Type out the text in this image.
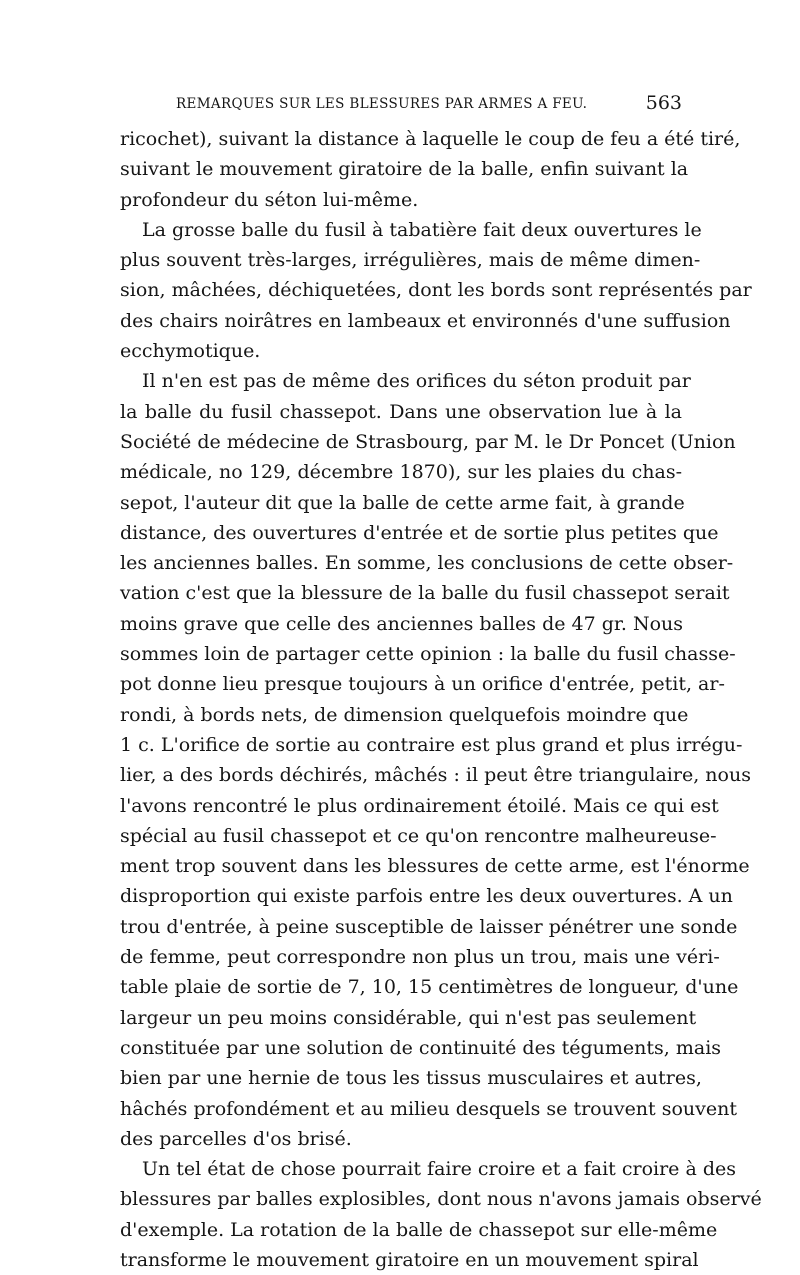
REMARQUES SUR LES BLESSURES PAR ARMES A FEU.	563
ricochet), suivant la distance à laquelle le coup de feu a été tiré,
suivant le mouvement giratoire de la balle, enfin suivant la
profondeur du séton lui-même.
La grosse balle du fusil à tabatière fait deux ouvertures le
plus souvent très-larges, irrégulières, mais de même dimen-
sion, mâchées, déchiquetées, dont les bords sont représentés par
des chairs noirâtres en lambeaux et environnés d'une suffusion
ecchymotique.
Il n'en est pas de même des orifices du séton produit par
la balle du fusil chassepot. Dans une observation lue à la
Société de médecine de Strasbourg, par M. le Dr Poncet (Union
médicale, no 129, décembre 1870), sur les plaies du chas-
sepot, l'auteur dit que la balle de cette arme fait, à grande
distance, des ouvertures d'entrée et de sortie plus petites que
les anciennes balles. En somme, les conclusions de cette obser-
vation c'est que la blessure de la balle du fusil chassepot serait
moins grave que celle des anciennes balles de 47 gr. Nous
sommes loin de partager cette opinion : la balle du fusil chasse-
pot donne lieu presque toujours à un orifice d'entrée, petit, ar-
rondi, à bords nets, de dimension quelquefois moindre que
1 c. L'orifice de sortie au contraire est plus grand et plus irrégu-
lier, a des bords déchirés, mâchés : il peut être triangulaire, nous
l'avons rencontré le plus ordinairement étoilé. Mais ce qui est
spécial au fusil chassepot et ce qu'on rencontre malheureuse-
ment trop souvent dans les blessures de cette arme, est l'énorme
disproportion qui existe parfois entre les deux ouvertures. A un
trou d'entrée, à peine susceptible de laisser pénétrer une sonde
de femme, peut correspondre non plus un trou, mais une véri-
table plaie de sortie de 7, 10, 15 centimètres de longueur, d'une
largeur un peu moins considérable, qui n'est pas seulement
constituée par une solution de continuité des téguments, mais
bien par une hernie de tous les tissus musculaires et autres,
hâchés profondément et au milieu desquels se trouvent souvent
des parcelles d'os brisé.
Un tel état de chose pourrait faire croire et a fait croire à des
blessures par balles explosibles, dont nous n'avons jamais observé
d'exemple. La rotation de la balle de chassepot sur elle-même
transforme le mouvement giratoire en un mouvement spiral
